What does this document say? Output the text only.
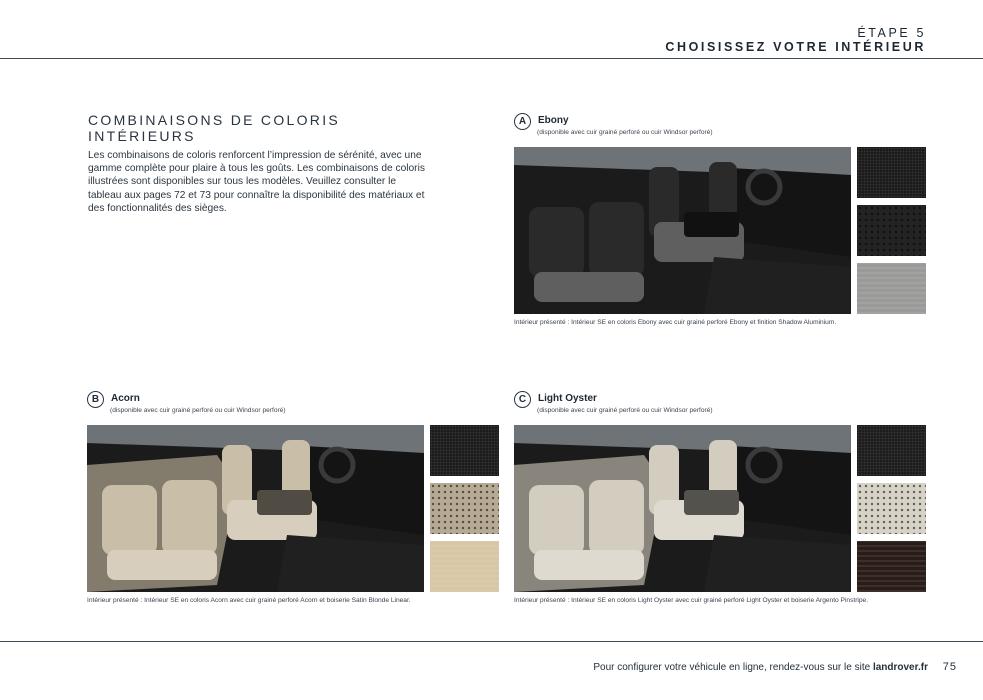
ÉTAPE 5
CHOISISSEZ VOTRE INTÉRIEUR
COMBINAISONS DE COLORIS INTÉRIEURS

Les combinaisons de coloris renforcent l’impression de sérénité, avec une gamme complète pour plaire à tous les goûts. Les combinaisons de coloris illustrées sont disponibles sur tous les modèles. Veuillez consulter le tableau aux pages 72 et 73 pour connaître la disponibilité des matériaux et des fonctionnalités des sièges.

A	Ebony
(disponible avec cuir grainé perforé ou cuir Windsor perforé)
Intérieur présenté : Intérieur SE en coloris Ebony avec cuir grainé perforé Ebony et finition Shadow Aluminium.
B	Acorn
(disponible avec cuir grainé perforé ou cuir Windsor perforé)
Intérieur présenté : Intérieur SE en coloris Acorn avec cuir grainé perforé Acorn et boiserie Satin Blonde Linear.
C	Light Oyster
(disponible avec cuir grainé perforé ou cuir Windsor perforé)
Intérieur présenté : Intérieur SE en coloris Light Oyster avec cuir grainé perforé Light Oyster et boiserie Argento Pinstripe.
Pour configurer votre véhicule en ligne, rendez-vous sur le site landrover.fr 75
